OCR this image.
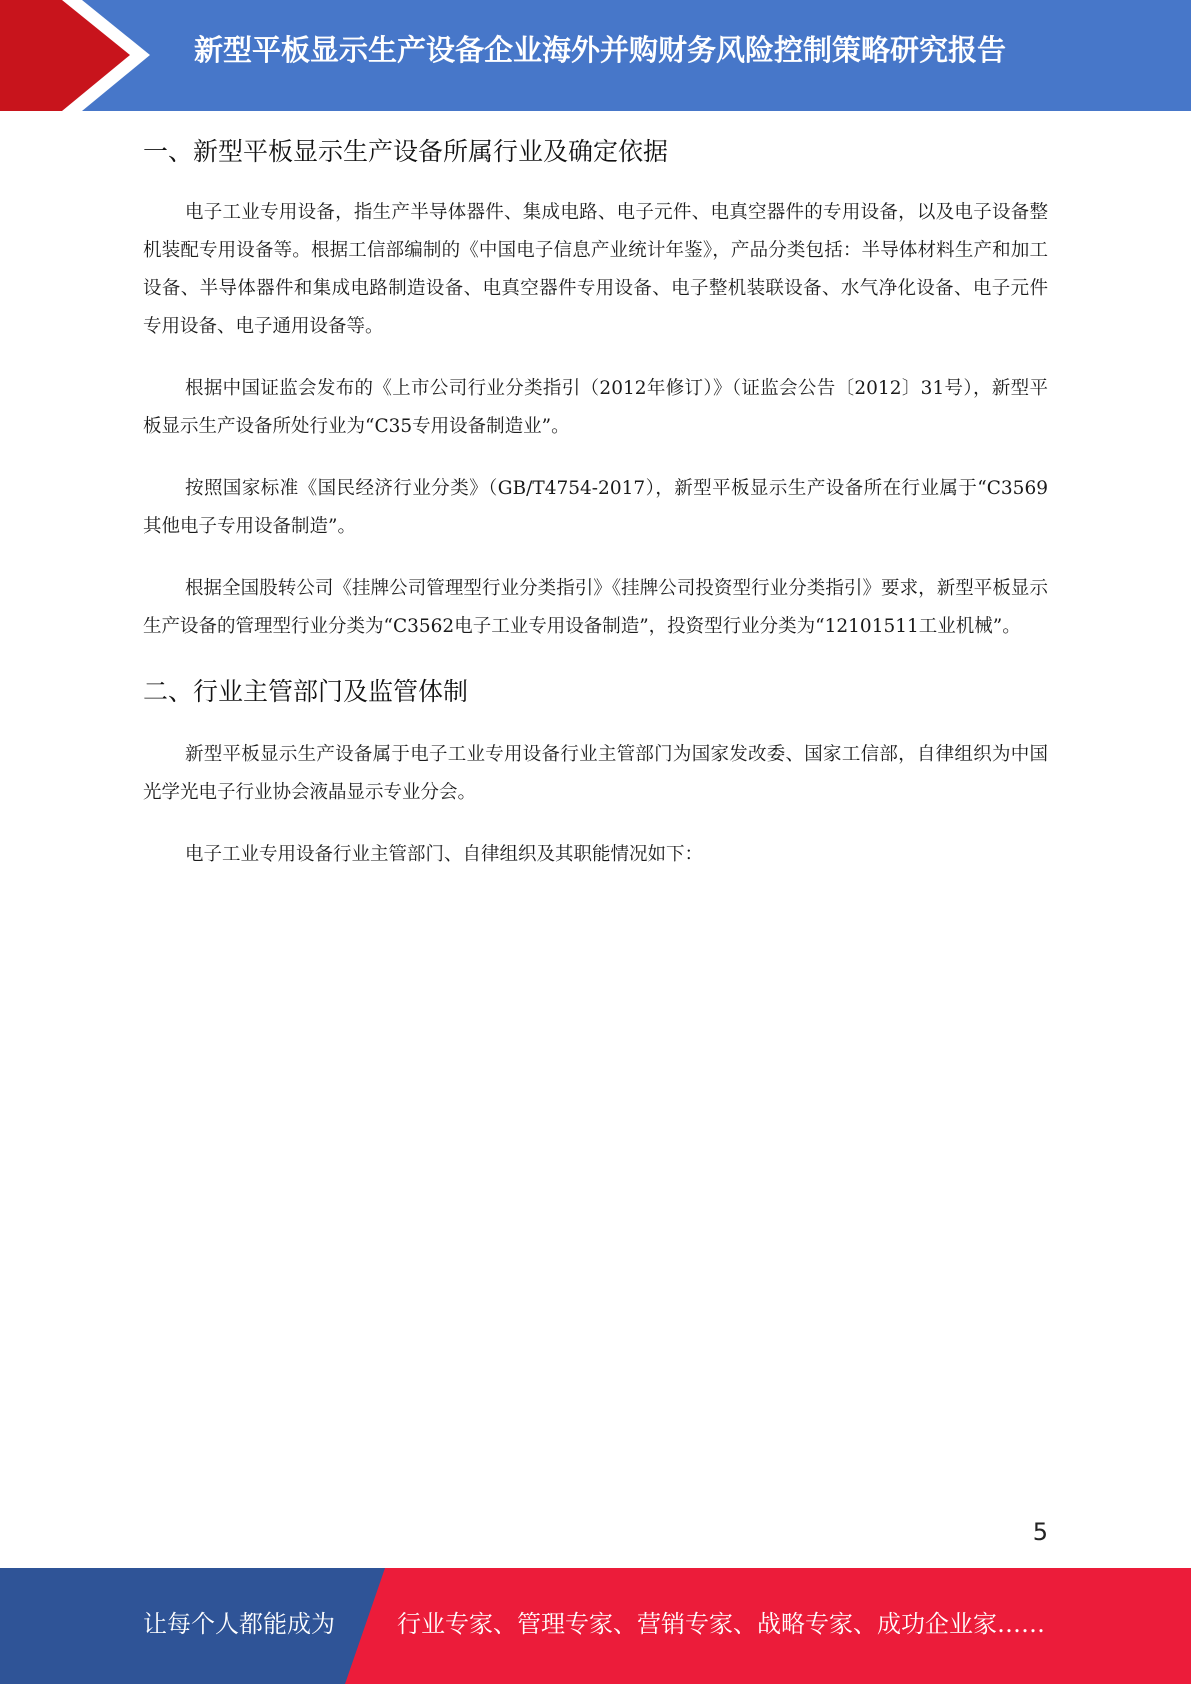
新型平板显示生产设备企业海外并购财务风险控制策略研究报告
一、新型平板显示生产设备所属行业及确定依据

电子工业专用设备，指生产半导体器件、集成电路、电子元件、电真空器件的专用设备，以及电子设备整机装配专用设备等。根据工信部编制的《中国电子信息产业统计年鉴》，产品分类包括：半导体材料生产和加工设备、半导体器件和集成电路制造设备、电真空器件专用设备、电子整机装联设备、水气净化设备、电子元件专用设备、电子通用设备等。

根据中国证监会发布的《上市公司行业分类指引（2012年修订）》（证监会公告〔2012〕31号），新型平板显示生产设备所处行业为“C35专用设备制造业”。

按照国家标准《国民经济行业分类》（GB/T4754-2017），新型平板显示生产设备所在行业属于“C3569其他电子专用设备制造”。

根据全国股转公司《挂牌公司管理型行业分类指引》《挂牌公司投资型行业分类指引》要求，新型平板显示生产设备的管理型行业分类为“C3562电子工业专用设备制造”，投资型行业分类为“12101511工业机械”。

二、行业主管部门及监管体制

新型平板显示生产设备属于电子工业专用设备行业主管部门为国家发改委、国家工信部，自律组织为中国光学光电子行业协会液晶显示专业分会。

电子工业专用设备行业主管部门、自律组织及其职能情况如下：

5
让每个人都能成为	行业专家、管理专家、营销专家、战略专家、成功企业家……
